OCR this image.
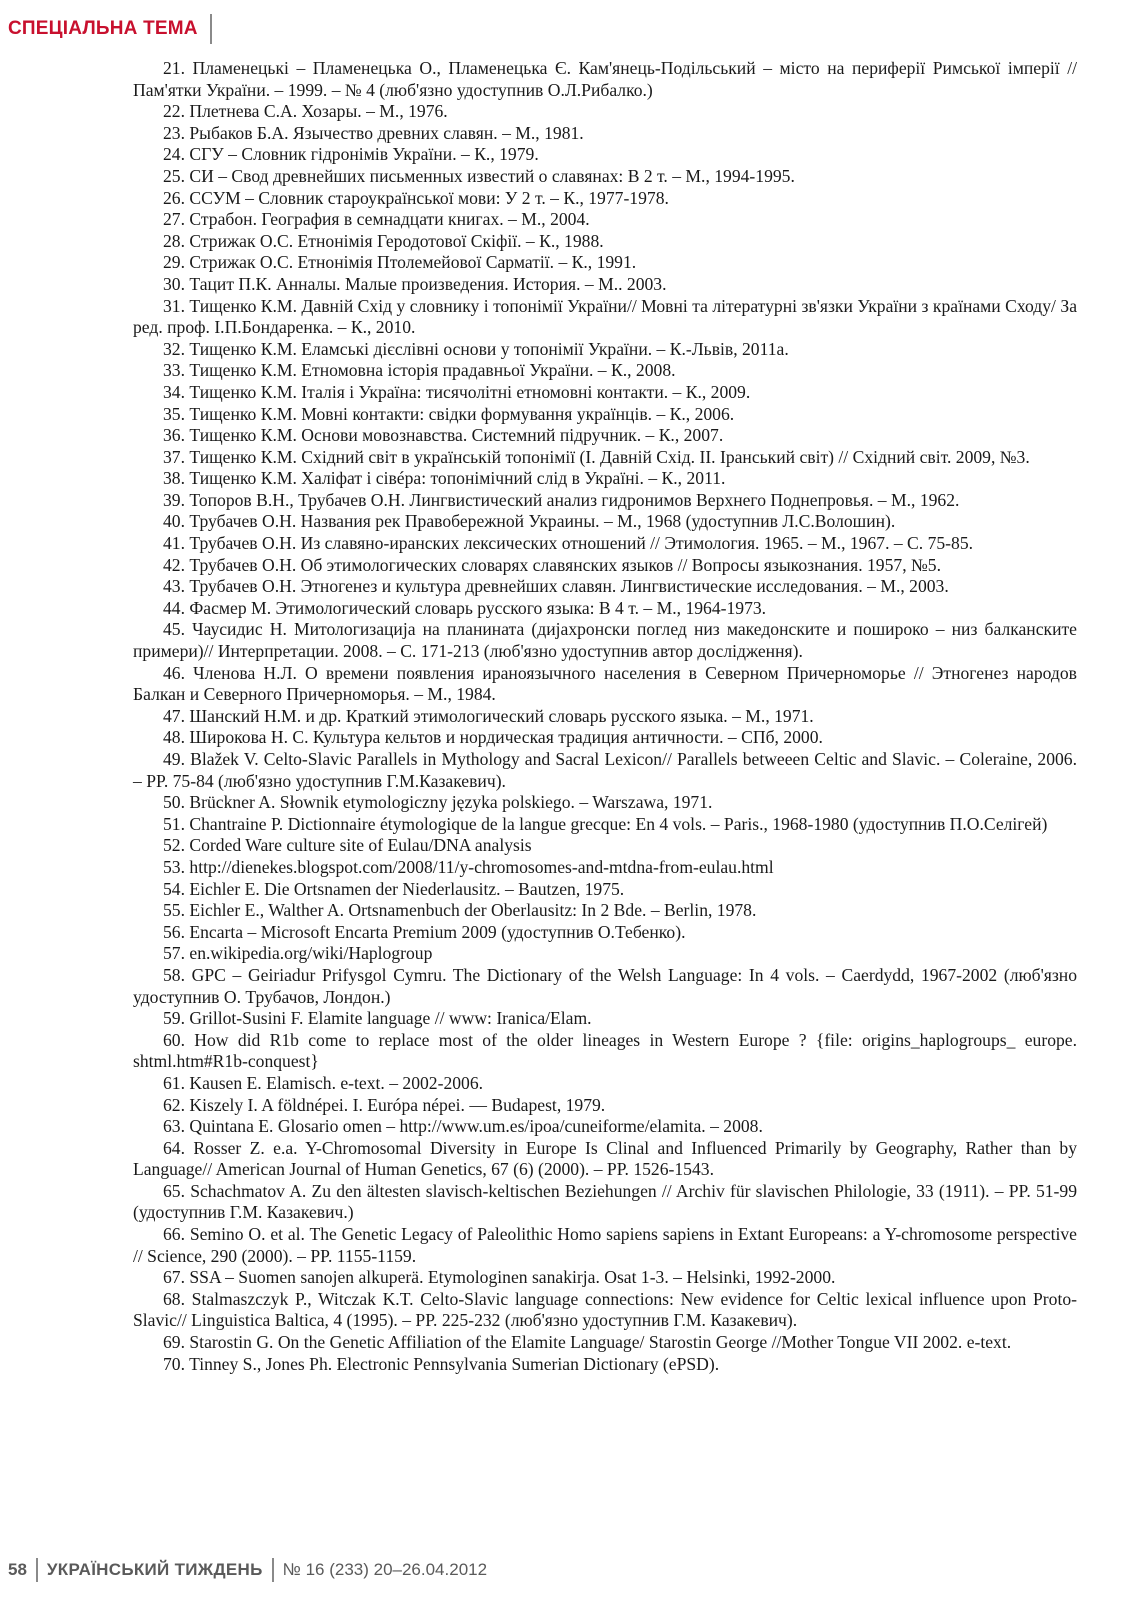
СПЕЦІАЛЬНА ТЕМА
21. Пламенецькі – Пламенецька О., Пламенецька Є. Кам'янець-Подільський – місто на периферії Римської імперії // Пам'ятки України. – 1999. – № 4 (люб'язно удоступнив О.Л.Рибалко.)
22. Плетнева С.А. Хозары. – М., 1976.
23. Рыбаков Б.А. Язычество древних славян. – М., 1981.
24. СГУ – Словник гідронімів України. – К., 1979.
25. СИ – Свод древнейших письменных известий о славянах: В 2 т. – М., 1994-1995.
26. ССУМ – Словник староукраїнської мови: У 2 т. – К., 1977-1978.
27. Страбон. География в семнадцати книгах. – М., 2004.
28. Стрижак О.С. Етнонімія Геродотової Скіфії. – К., 1988.
29. Стрижак О.С. Етнонімія Птолемейової Сарматії. – К., 1991.
30. Тацит П.К. Анналы. Малые произведения. История. – М.. 2003.
31. Тищенко К.М. Давній Схід у словнику і топонімії України// Мовні та літературні зв'язки України з країнами Сходу/ За ред. проф. І.П.Бондаренка. – К., 2010.
32. Тищенко К.М. Еламські дієслівні основи у топонімії України. – К.-Львів, 2011а.
33. Тищенко К.М. Етномовна історія прадавньої України. – К., 2008.
34. Тищенко К.М. Італія і Україна: тисячолітні етномовні контакти. – К., 2009.
35. Тищенко К.М. Мовні контакти: свідки формування українців. – К., 2006.
36. Тищенко К.М. Основи мовознавства. Системний підручник. – К., 2007.
37. Тищенко К.М. Східний світ в українській топонімії (І. Давній Схід. ІІ. Іранський світ) // Східний світ. 2009, №3.
38. Тищенко К.М. Халіфат і сівéра: топонімічний слід в Україні. – К., 2011.
39. Топоров В.Н., Трубачев О.Н. Лингвистический анализ гидронимов Верхнего Поднепровья. – М., 1962.
40. Трубачев О.Н. Названия рек Правобережной Украины. – М., 1968 (удоступнив Л.С.Волошин).
41. Трубачев О.Н. Из славяно-иранских лексических отношений // Этимология. 1965. – М., 1967. – С. 75-85.
42. Трубачев О.Н. Об этимологических словарях славянских языков // Вопросы языкознания. 1957, №5.
43. Трубачев О.Н. Этногенез и культура древнейших славян. Лингвистические исследования. – М., 2003.
44. Фасмер М. Этимологический словарь русского языка: В 4 т. – М., 1964-1973.
45. Чаусидис Н. Митологизација на планината (дијахронски поглед низ македонските и пошироко – низ балканските примери)// Интерпретации. 2008. – С. 171-213 (люб'язно удоступнив автор дослідження).
46. Членова Н.Л. О времени появления ираноязычного населения в Северном Причерноморье // Этногенез народов Балкан и Северного Причерноморья. – М., 1984.
47. Шанский Н.М. и др. Краткий этимологический словарь русского языка. – М., 1971.
48. Широкова Н. С. Культура кельтов и нордическая традиция античности. – СПб, 2000.
49. Blažek V. Celto-Slavic Parallels in Mythology and Sacral Lexicon// Parallels betweeen Celtic and Slavic. – Coleraine, 2006. – PP. 75-84 (люб'язно удоступнив Г.М.Казакевич).
50. Brückner A. Słownik etymologiczny języka polskiego. – Warszawa, 1971.
51. Chantraine P. Dictionnaire étymologique de la langue grecque: En 4 vols. – Paris., 1968-1980 (удоступнив П.О.Селігей)
52. Corded Ware culture site of Eulau/DNA analysis
53. http://dienekes.blogspot.com/2008/11/y-chromosomes-and-mtdna-from-eulau.html
54. Eichler E. Die Ortsnamen der Niederlausitz. – Bautzen, 1975.
55. Eichler E., Walther A. Ortsnamenbuch der Oberlausitz: In 2 Bde. – Berlin, 1978.
56. Encarta – Microsoft Encarta Premium 2009 (удоступнив О.Тебенко).
57. en.wikipedia.org/wiki/Haplogroup
58. GPC – Geiriadur Prifysgol Cymru. The Dictionary of the Welsh Language: In 4 vols. – Caerdydd, 1967-2002 (люб'язно удоступнив О. Трубачов, Лондон.)
59. Grillot-Susini F. Elamite language // www: Iranica/Elam.
60. How did R1b come to replace most of the older lineages in Western Europe ? {file: origins_haplogroups_ europe. shtml.htm#R1b-conquest}
61. Kausen E. Elamisch. e-text. – 2002-2006.
62. Kiszely I. A földnépei. I. Európa népei. — Budapest, 1979.
63. Quintana E. Glosario omen – http://www.um.es/ipoa/cuneiforme/elamita. – 2008.
64. Rosser Z. e.a. Y-Chromosomal Diversity in Europe Is Clinal and Influenced Primarily by Geography, Rather than by Language// American Journal of Human Genetics, 67 (6) (2000). – PP. 1526-1543.
65. Schachmatov A. Zu den ältesten slavisch-keltischen Beziehungen // Archiv für slavischen Philologie, 33 (1911). – PP. 51-99 (удоступнив Г.М. Казакевич.)
66. Semino O. et al. The Genetic Legacy of Paleolithic Homo sapiens sapiens in Extant Europeans: a Y-chromosome perspective // Science, 290 (2000). – PP. 1155-1159.
67. SSA – Suomen sanojen alkuperä. Etymologinen sanakirja. Osat 1-3. – Helsinki, 1992-2000.
68. Stalmaszczyk P., Witczak K.T. Celto-Slavic language connections: New evidence for Celtic lexical influence upon Proto-Slavic// Linguistica Baltica, 4 (1995). – PP. 225-232 (люб'язно удоступнив Г.М. Казакевич).
69. Starostin G. On the Genetic Affiliation of the Elamite Language/ Starostin George //Mother Tongue VII 2002. e-text.
70. Tinney S., Jones Ph. Electronic Pennsylvania Sumerian Dictionary (ePSD).
58 УКРАЇНСЬКИЙ ТИЖДЕНЬ № 16 (233) 20–26.04.2012
